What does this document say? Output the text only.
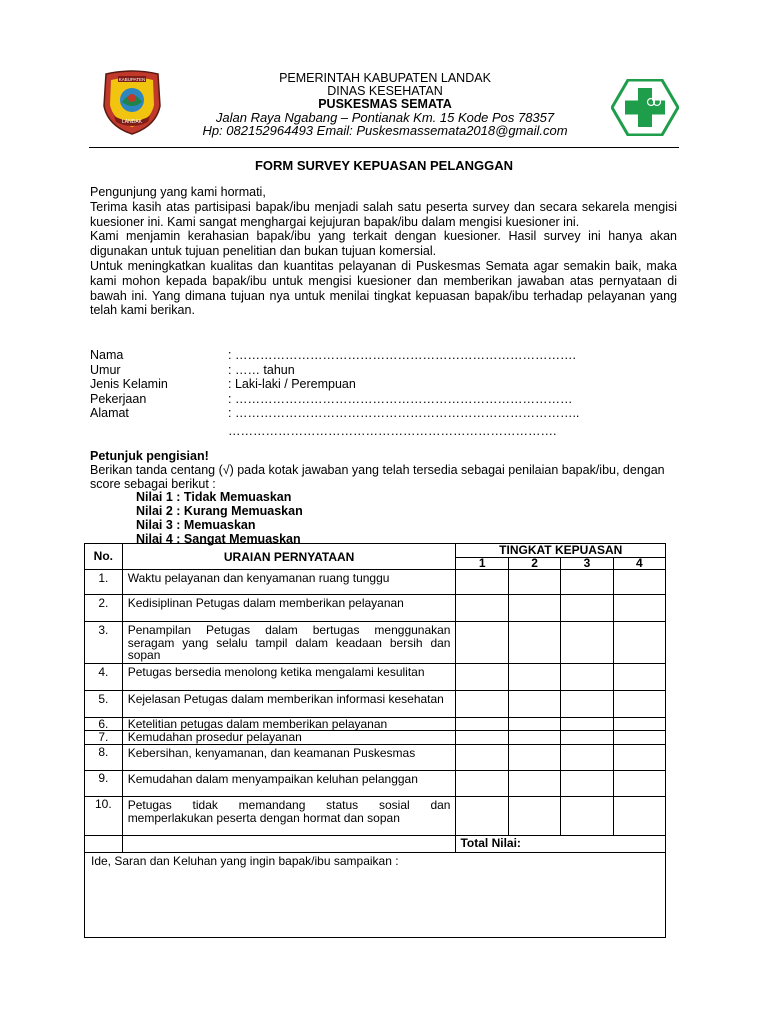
KABUPATEN
LANDAK
PEMERINTAH KABUPATEN LANDAK
DINAS KESEHATAN
PUSKESMAS SEMATA
Jalan Raya Ngabang – Pontianak Km. 15 Kode Pos 78357
Hp: 082152964493 Email: Puskesmassemata2018@gmail.com
FORM SURVEY KEPUASAN PELANGGAN

Pengunjung yang kami hormati,

Terima kasih atas partisipasi bapak/ibu menjadi salah satu peserta survey dan secara sekarela mengisi kuesioner ini. Kami sangat menghargai kejujuran bapak/ibu dalam mengisi kuesioner ini.

Kami menjamin kerahasian bapak/ibu yang terkait dengan kuesioner. Hasil survey ini hanya akan digunakan untuk tujuan penelitian dan bukan tujuan komersial.

Untuk meningkatkan kualitas dan kuantitas pelayanan di Puskesmas Semata agar semakin baik, maka kami mohon kepada bapak/ibu untuk mengisi kuesioner dan memberikan jawaban atas pernyataan di bawah ini. Yang dimana tujuan nya untuk menilai tingkat kepuasan bapak/ibu terhadap pelayanan yang telah kami berikan.

Nama	: ……………………………………………………………………….
Umur	: …… tahun
Jenis Kelamin	: Laki-laki / Perempuan
Pekerjaan	: ………………………………………………………………………
Alamat	: ………………………………………………………………………..
…………………………………………………………………….

Petunjuk pengisian!

Berikan tanda centang (√) pada kotak jawaban yang telah tersedia sebagai penilaian bapak/ibu, dengan score sebagai berikut :

Nilai 1 : Tidak Memuaskan
Nilai 2 : Kurang Memuaskan
Nilai 3 : Memuaskan
Nilai 4 : Sangat Memuaskan
No.	URAIAN PERNYATAAN	TINGKAT KEPUASAN			
		1	2	3	4
1.	Waktu pelayanan dan kenyamanan ruang tunggu				
2.	Kedisiplinan Petugas dalam memberikan pelayanan				
3.	Penampilan Petugas dalam bertugas menggunakan seragam yang selalu tampil dalam keadaan bersih dan sopan				
4.	Petugas bersedia menolong ketika mengalami kesulitan				
5.	Kejelasan Petugas dalam memberikan informasi kesehatan				
6.	Ketelitian petugas dalam memberikan pelayanan				
7.	Kemudahan prosedur pelayanan				
8.	Kebersihan, kenyamanan, dan keamanan Puskesmas				
9.	Kemudahan dalam menyampaikan keluhan pelanggan				
10.	Petugas tidak memandang status sosial dan memperlakukan peserta dengan hormat dan sopan				
		Total Nilai:			
Ide, Saran dan Keluhan yang ingin bapak/ibu sampaikan :					
